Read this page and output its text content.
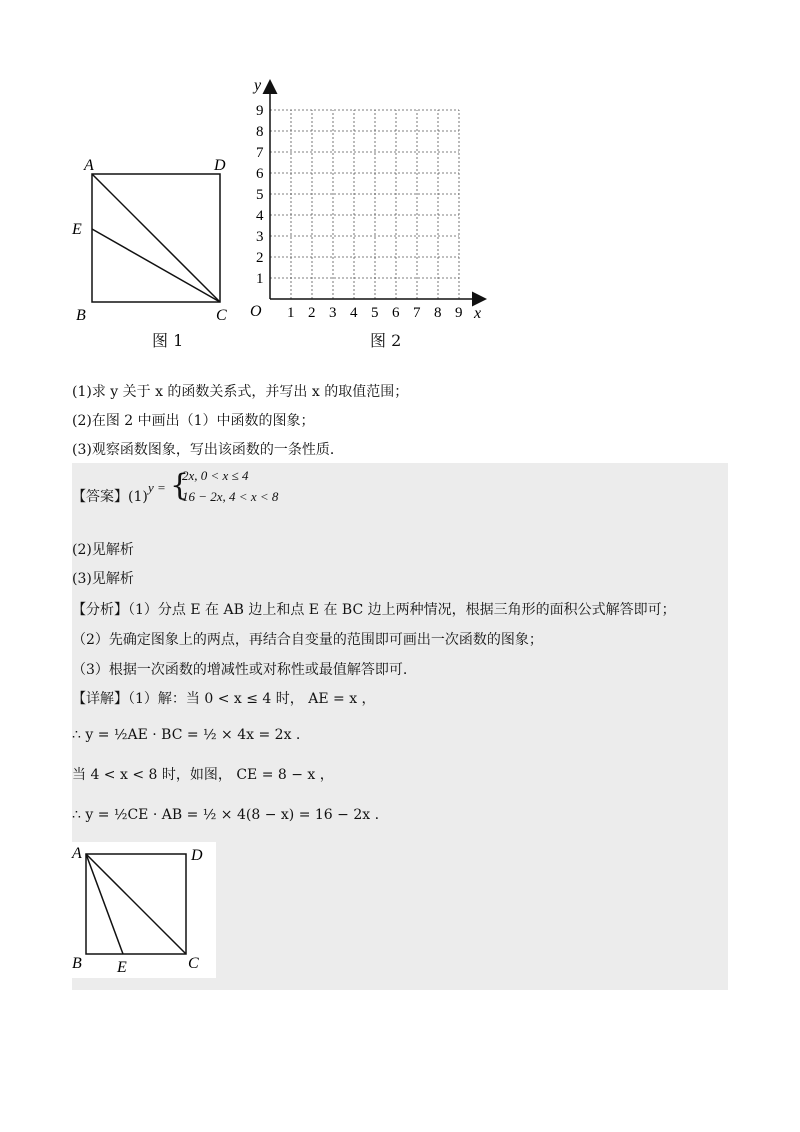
A	D
E
B	C
图 1
y
x
O 1 2 3 4 5 6 7 8 9
1
2
3
4
5
6
7
8
9
图 2
(1)求 y 关于 x 的函数关系式，并写出 x 的取值范围；
(2)在图 2 中画出（1）中函数的图象；
(3)观察函数图象，写出该函数的一条性质．
【答案】(1)
y = {
2x, 0 < x ≤ 4
16 − 2x, 4 < x < 8
(2)见解析
(3)见解析
【分析】（1）分点 E 在 AB 边上和点 E 在 BC 边上两种情况，根据三角形的面积公式解答即可；
（2）先确定图象上的两点，再结合自变量的范围即可画出一次函数的图象；
（3）根据一次函数的增减性或对称性或最值解答即可.
【详解】（1）解：当 0 < x ≤ 4 时， AE = x ，
∴ y = ½AE · BC = ½ × 4x = 2x .
当 4 < x < 8 时，如图， CE = 8 − x ，
∴ y = ½CE · AB = ½ × 4(8 − x) = 16 − 2x .
A	D
B E	C
